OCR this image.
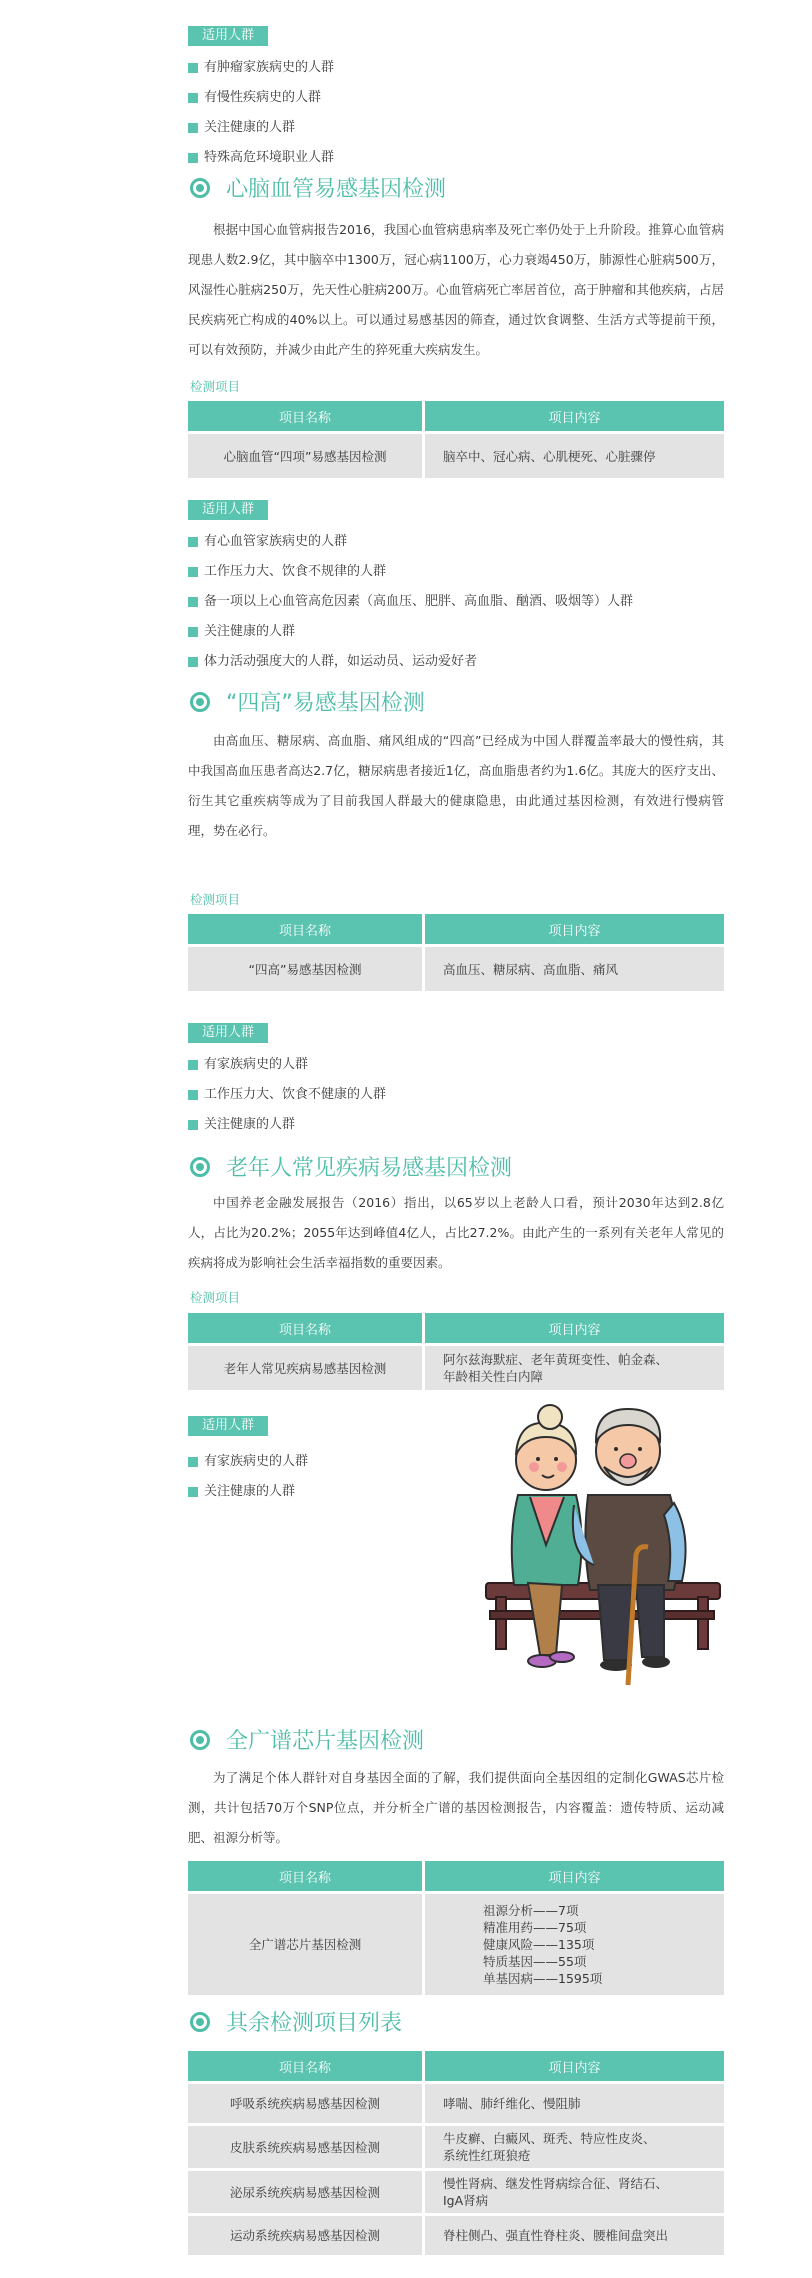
适用人群
有肿瘤家族病史的人群
有慢性疾病史的人群
关注健康的人群
特殊高危环境职业人群
心脑血管易感基因检测

根据中国心血管病报告2016，我国心血管病患病率及死亡率仍处于上升阶段。推算心血管病现患人数2.9亿，其中脑卒中1300万，冠心病1100万，心力衰竭450万，肺源性心脏病500万，风湿性心脏病250万，先天性心脏病200万。心血管病死亡率居首位，高于肿瘤和其他疾病，占居民疾病死亡构成的40%以上。可以通过易感基因的筛查，通过饮食调整、生活方式等提前干预，可以有效预防，并减少由此产生的猝死重大疾病发生。

检测项目
项目名称	项目内容
心脑血管“四项”易感基因检测	脑卒中、冠心病、心肌梗死、心脏骤停
适用人群
有心血管家族病史的人群
工作压力大、饮食不规律的人群
备一项以上心血管高危因素（高血压、肥胖、高血脂、酗酒、吸烟等）人群
关注健康的人群
体力活动强度大的人群，如运动员、运动爱好者
“四高”易感基因检测

由高血压、糖尿病、高血脂、痛风组成的“四高”已经成为中国人群覆盖率最大的慢性病，其中我国高血压患者高达2.7亿，糖尿病患者接近1亿，高血脂患者约为1.6亿。其庞大的医疗支出、衍生其它重疾病等成为了目前我国人群最大的健康隐患，由此通过基因检测，有效进行慢病管理，势在必行。

检测项目
项目名称	项目内容
“四高”易感基因检测	高血压、糖尿病、高血脂、痛风
适用人群
有家族病史的人群
工作压力大、饮食不健康的人群
关注健康的人群
老年人常见疾病易感基因检测

中国养老金融发展报告（2016）指出，以65岁以上老龄人口看，预计2030年达到2.8亿人，占比为20.2%；2055年达到峰值4亿人，占比27.2%。由此产生的一系列有关老年人常见的疾病将成为影响社会生活幸福指数的重要因素。

检测项目
项目名称	项目内容
老年人常见疾病易感基因检测	阿尔兹海默症、老年黄斑变性、帕金森、
年龄相关性白内障
适用人群
有家族病史的人群
关注健康的人群
全广谱芯片基因检测

为了满足个体人群针对自身基因全面的了解，我们提供面向全基因组的定制化GWAS芯片检测，共计包括70万个SNP位点，并分析全广谱的基因检测报告，内容覆盖：遗传特质、运动减肥、祖源分析等。

项目名称	项目内容
全广谱芯片基因检测	祖源分析——7项
精准用药——75项
健康风险——135项
特质基因——55项
单基因病——1595项
其余检测项目列表
项目名称	项目内容
呼吸系统疾病易感基因检测	哮喘、肺纤维化、慢阻肺

皮肤系统疾病易感基因检测	牛皮癣、白癜风、斑秃、特应性皮炎、
系统性红斑狼疮

泌尿系统疾病易感基因检测	慢性肾病、继发性肾病综合征、肾结石、
IgA肾病

运动系统疾病易感基因检测	脊柱侧凸、强直性脊柱炎、腰椎间盘突出
